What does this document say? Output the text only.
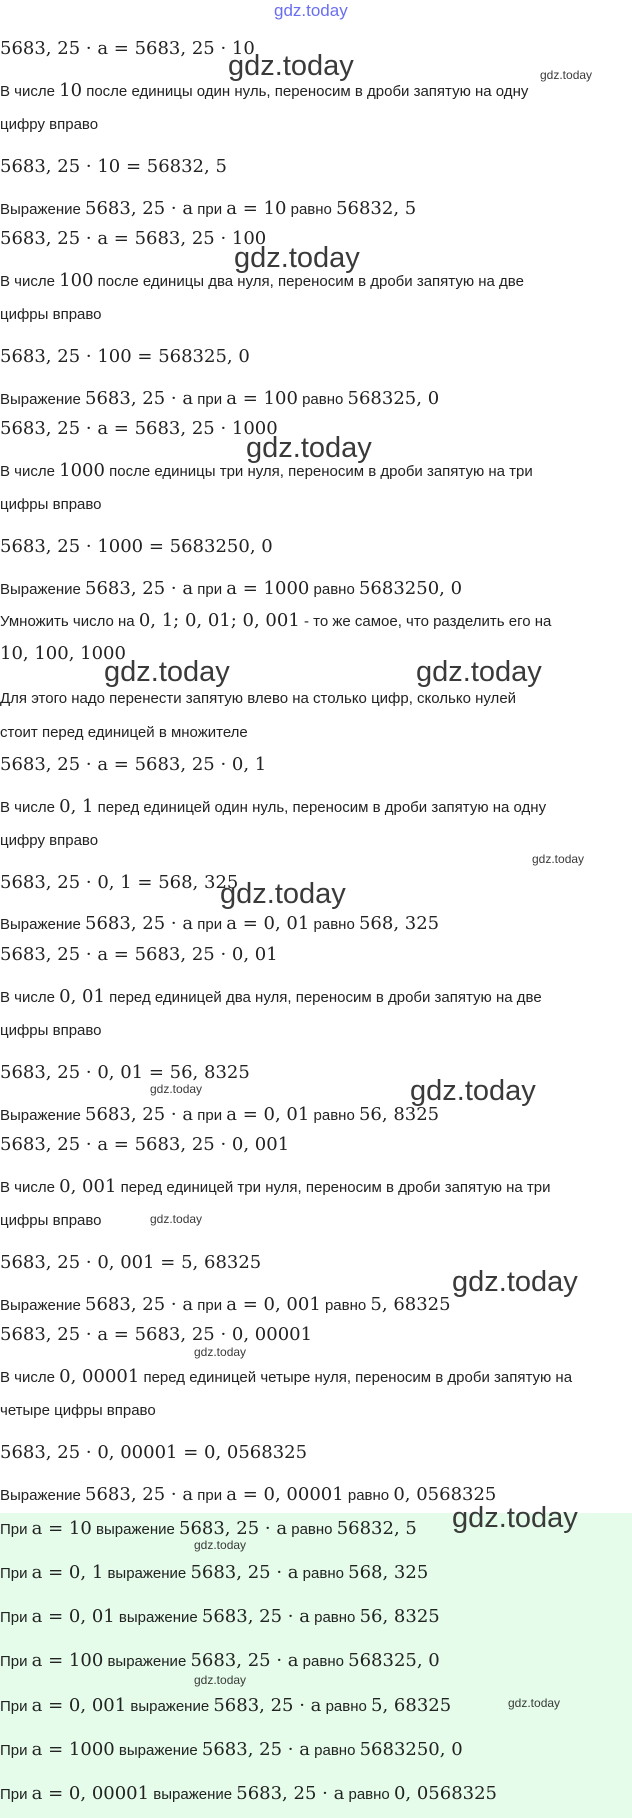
gdz.today
5683, 25 · a = 5683, 25 · 10
В числе 10 после единицы один нуль, переносим в дроби запятую на одну
цифру вправо
5683, 25 · 10 = 56832, 5
Выражение 5683, 25 · a при a = 10 равно 56832, 5
5683, 25 · a = 5683, 25 · 100
В числе 100 после единицы два нуля, переносим в дроби запятую на две
цифры вправо
5683, 25 · 100 = 568325, 0
Выражение 5683, 25 · a при a = 100 равно 568325, 0
5683, 25 · a = 5683, 25 · 1000
В числе 1000 после единицы три нуля, переносим в дроби запятую на три
цифры вправо
5683, 25 · 1000 = 5683250, 0
Выражение 5683, 25 · a при a = 1000 равно 5683250, 0
Умножить число на 0, 1; 0, 01; 0, 001 - то же самое, что разделить его на
10, 100, 1000
Для этого надо перенести запятую влево на столько цифр, сколько нулей
стоит перед единицей в множителе
5683, 25 · a = 5683, 25 · 0, 1
В числе 0, 1 перед единицей один нуль, переносим в дроби запятую на одну
цифру вправо
5683, 25 · 0, 1 = 568, 325
Выражение 5683, 25 · a при a = 0, 01 равно 568, 325
5683, 25 · a = 5683, 25 · 0, 01
В числе 0, 01 перед единицей два нуля, переносим в дроби запятую на две
цифры вправо
5683, 25 · 0, 01 = 56, 8325
Выражение 5683, 25 · a при a = 0, 01 равно 56, 8325
5683, 25 · a = 5683, 25 · 0, 001
В числе 0, 001 перед единицей три нуля, переносим в дроби запятую на три
цифры вправо
5683, 25 · 0, 001 = 5, 68325
Выражение 5683, 25 · a при a = 0, 001 равно 5, 68325
5683, 25 · a = 5683, 25 · 0, 00001
В числе 0, 00001 перед единицей четыре нуля, переносим в дроби запятую на
четыре цифры вправо
5683, 25 · 0, 00001 = 0, 0568325
Выражение 5683, 25 · a при a = 0, 00001 равно 0, 0568325
При a = 10 выражение 5683, 25 · a равно 56832, 5
При a = 0, 1 выражение 5683, 25 · a равно 568, 325
При a = 0, 01 выражение 5683, 25 · a равно 56, 8325
При a = 100 выражение 5683, 25 · a равно 568325, 0
При a = 0, 001 выражение 5683, 25 · a равно 5, 68325
При a = 1000 выражение 5683, 25 · a равно 5683250, 0
При a = 0, 00001 выражение 5683, 25 · a равно 0, 0568325
gdz.today	gdz.today
gdz.today
gdz.today
gdz.today	gdz.today
gdz.today
gdz.today
gdz.today	gdz.today
gdz.today
gdz.today
gdz.today
gdz.today
gdz.today
gdz.today
gdz.today
